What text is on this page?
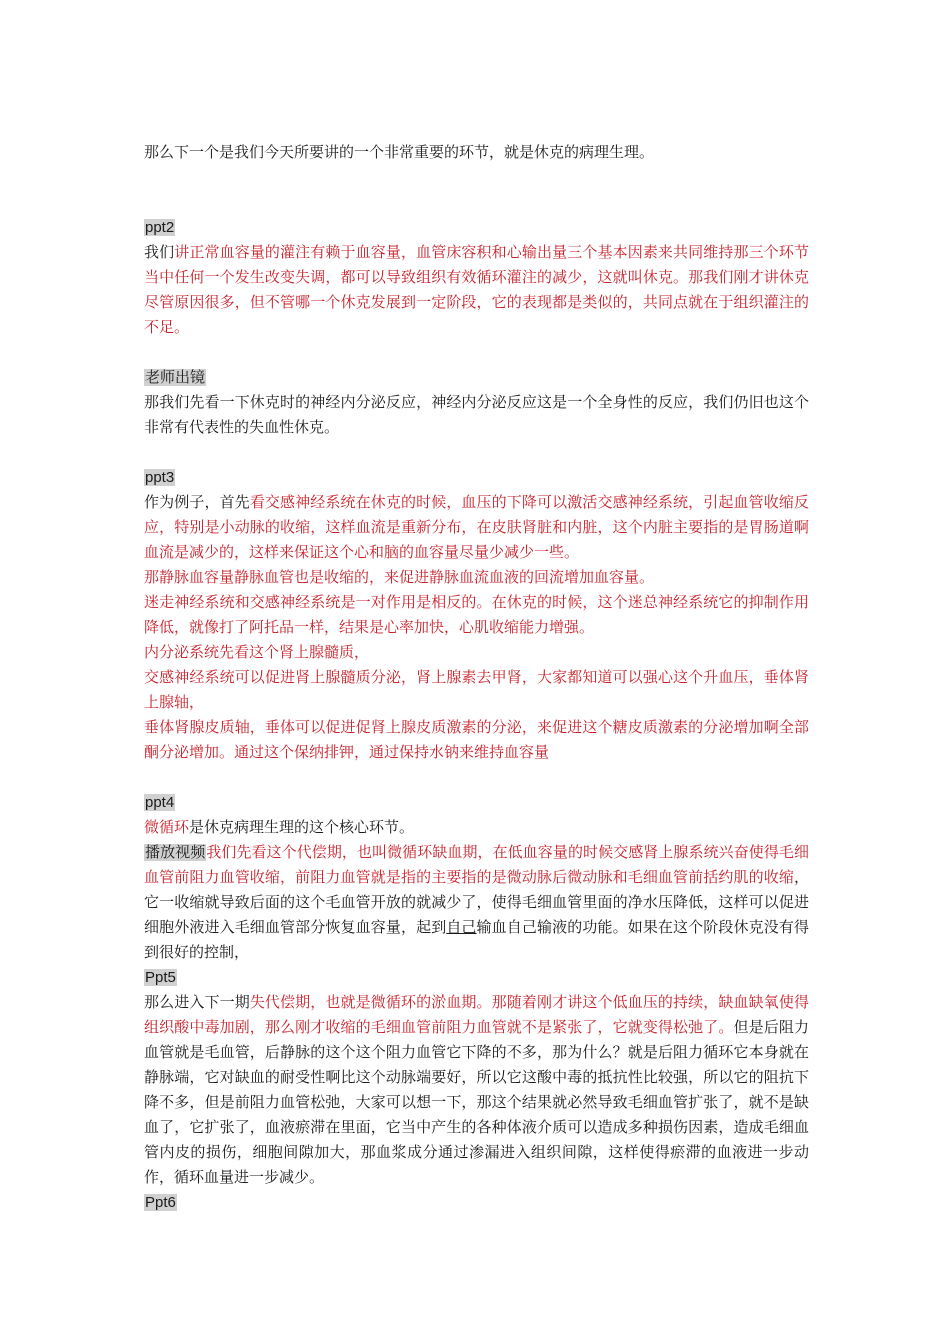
那么下一个是我们今天所要讲的一个非常重要的环节，就是休克的病理生理。

ppt2

我们讲正常血容量的灌注有赖于血容量，血管床容积和心输出量三个基本因素来共同维持那三个环节当中任何一个发生改变失调，都可以导致组织有效循环灌注的减少，这就叫休克。那我们刚才讲休克尽管原因很多，但不管哪一个休克发展到一定阶段，它的表现都是类似的，共同点就在于组织灌注的不足。

老师出镜

那我们先看一下休克时的神经内分泌反应，神经内分泌反应这是一个全身性的反应，我们仍旧也这个非常有代表性的失血性休克。

ppt3

作为例子，首先看交感神经系统在休克的时候，血压的下降可以激活交感神经系统，引起血管收缩反应，特别是小动脉的收缩，这样血流是重新分布，在皮肤肾脏和内脏，这个内脏主要指的是胃肠道啊血流是减少的，这样来保证这个心和脑的血容量尽量少减少一些。

那静脉血容量静脉血管也是收缩的，来促进静脉血流血液的回流增加血容量。

迷走神经系统和交感神经系统是一对作用是相反的。在休克的时候，这个迷总神经系统它的抑制作用降低，就像打了阿托品一样，结果是心率加快，心肌收缩能力增强。

内分泌系统先看这个肾上腺髓质，

交感神经系统可以促进肾上腺髓质分泌，肾上腺素去甲肾，大家都知道可以强心这个升血压，垂体肾上腺轴，

垂体肾腺皮质轴，垂体可以促进促肾上腺皮质激素的分泌，来促进这个糖皮质激素的分泌增加啊全部酮分泌增加。通过这个保纳排钾，通过保持水钠来维持血容量

ppt4

微循环是休克病理生理的这个核心环节。

播放视频我们先看这个代偿期，也叫微循环缺血期，在低血容量的时候交感肾上腺系统兴奋使得毛细血管前阻力血管收缩，前阻力血管就是指的主要指的是微动脉后微动脉和毛细血管前括约肌的收缩，它一收缩就导致后面的这个毛血管开放的就减少了，使得毛细血管里面的净水压降低，这样可以促进细胞外液进入毛细血管部分恢复血容量，起到自己输血自己输液的功能。如果在这个阶段休克没有得到很好的控制，

Ppt5

那么进入下一期失代偿期，也就是微循环的淤血期。那随着刚才讲这个低血压的持续，缺血缺氧使得组织酸中毒加剧，那么刚才收缩的毛细血管前阻力血管就不是紧张了，它就变得松弛了。但是后阻力血管就是毛血管，后静脉的这个这个阻力血管它下降的不多，那为什么？就是后阻力循环它本身就在静脉端，它对缺血的耐受性啊比这个动脉端要好，所以它这酸中毒的抵抗性比较强，所以它的阻抗下降不多，但是前阻力血管松弛，大家可以想一下，那这个结果就必然导致毛细血管扩张了，就不是缺血了，它扩张了，血液瘀滞在里面，它当中产生的各种体液介质可以造成多种损伤因素，造成毛细血管内皮的损伤，细胞间隙加大，那血浆成分通过渗漏进入组织间隙，这样使得瘀滞的血液进一步动作，循环血量进一步减少。

Ppt6
